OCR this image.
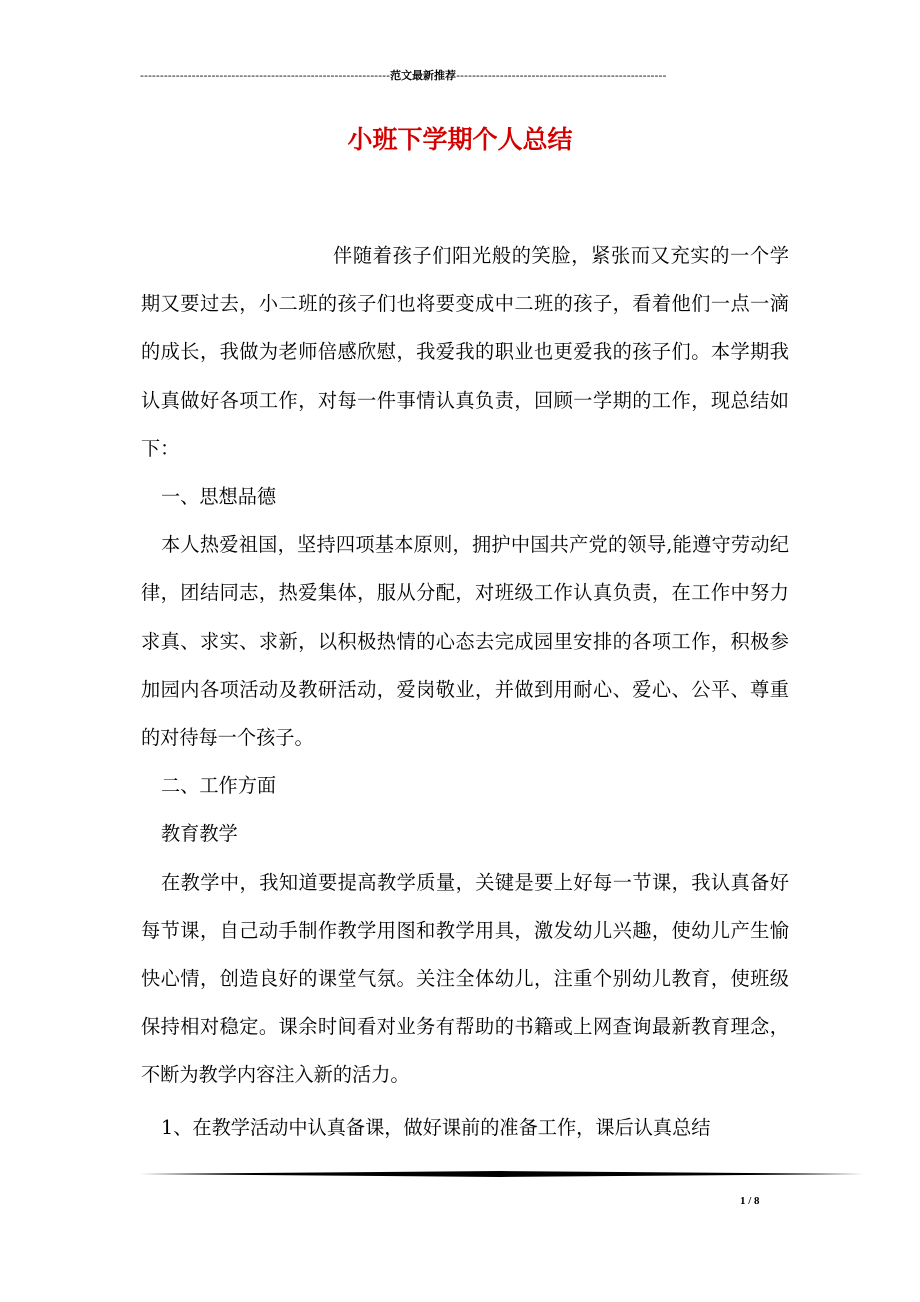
---------------------------------------------------------------范文最新推荐-----------------------------------------------------
小班下学期个人总结

伴随着孩子们阳光般的笑脸，紧张而又充实的一个学期又要过去，小二班的孩子们也将要变成中二班的孩子，看着他们一点一滴的成长，我做为老师倍感欣慰，我爱我的职业也更爱我的孩子们。本学期我认真做好各项工作，对每一件事情认真负责，回顾一学期的工作，现总结如下：

一、思想品德

本人热爱祖国，坚持四项基本原则，拥护中国共产党的领导,能遵守劳动纪律，团结同志，热爱集体，服从分配，对班级工作认真负责，在工作中努力求真、求实、求新，以积极热情的心态去完成园里安排的各项工作，积极参加园内各项活动及教研活动，爱岗敬业，并做到用耐心、爱心、公平、尊重的对待每一个孩子。

二、工作方面

教育教学

在教学中，我知道要提高教学质量，关键是要上好每一节课，我认真备好每节课，自己动手制作教学用图和教学用具，激发幼儿兴趣，使幼儿产生愉快心情，创造良好的课堂气氛。关注全体幼儿，注重个别幼儿教育，使班级保持相对稳定。课余时间看对业务有帮助的书籍或上网查询最新教育理念，不断为教学内容注入新的活力。

1、在教学活动中认真备课，做好课前的准备工作，课后认真总结

1 / 8
